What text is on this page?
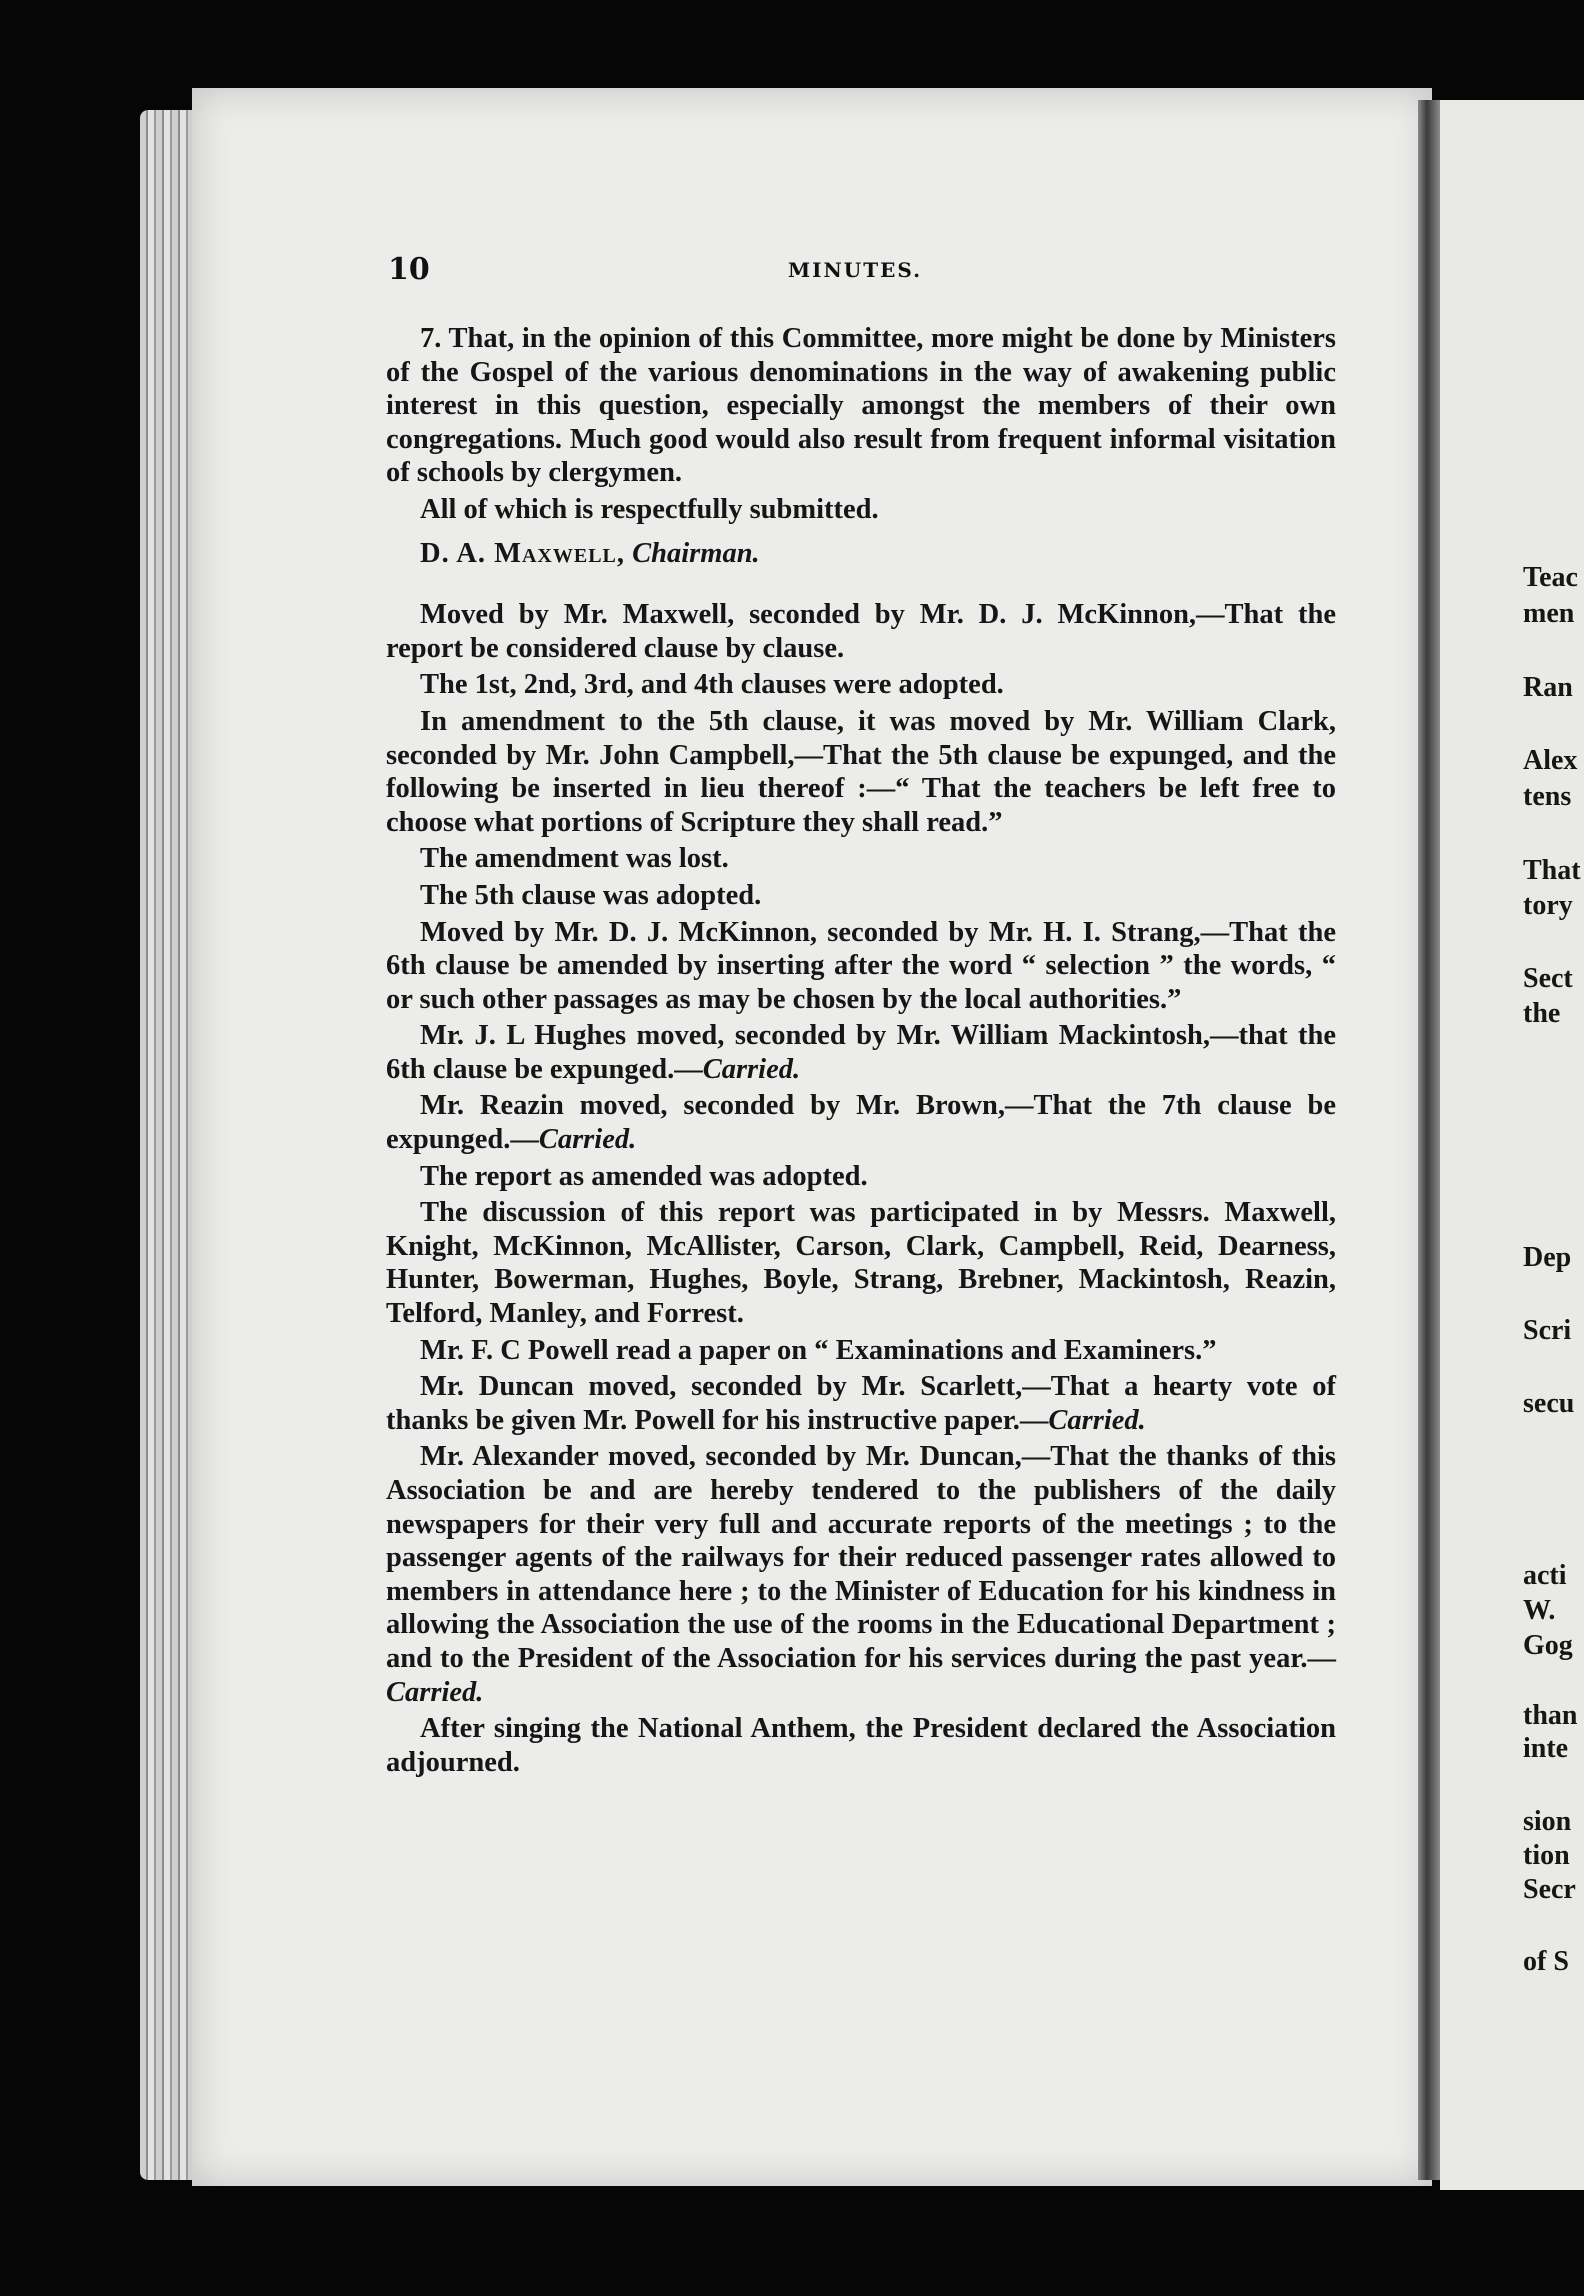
10	MINUTES.

7. That, in the opinion of this Committee, more might be done by Ministers of the Gospel of the various denominations in the way of awakening public interest in this question, especially amongst the members of their own congregations. Much good would also result from frequent informal visitation of schools by clergymen.

All of which is respectfully submitted.

D. A. Maxwell, Chairman.

Moved by Mr. Maxwell, seconded by Mr. D. J. McKinnon,—That the report be considered clause by clause.

The 1st, 2nd, 3rd, and 4th clauses were adopted.

In amendment to the 5th clause, it was moved by Mr. William Clark, seconded by Mr. John Campbell,—That the 5th clause be expunged, and the following be inserted in lieu thereof :—“ That the teachers be left free to choose what portions of Scripture they shall read.”

The amendment was lost.

The 5th clause was adopted.

Moved by Mr. D. J. McKinnon, seconded by Mr. H. I. Strang,—That the 6th clause be amended by inserting after the word “ selection ” the words, “ or such other passages as may be chosen by the local authorities.”

Mr. J. L Hughes moved, seconded by Mr. William Mackintosh,—that the 6th clause be expunged.—Carried.

Mr. Reazin moved, seconded by Mr. Brown,—That the 7th clause be expunged.—Carried.

The report as amended was adopted.

The discussion of this report was participated in by Messrs. Maxwell, Knight, McKinnon, McAllister, Carson, Clark, Campbell, Reid, Dearness, Hunter, Bowerman, Hughes, Boyle, Strang, Brebner, Mackintosh, Reazin, Telford, Manley, and Forrest.

Mr. F. C Powell read a paper on “ Examinations and Examiners.”

Mr. Duncan moved, seconded by Mr. Scarlett,—That a hearty vote of thanks be given Mr. Powell for his instructive paper.—Carried.

Mr. Alexander moved, seconded by Mr. Duncan,—That the thanks of this Association be and are hereby tendered to the publishers of the daily newspapers for their very full and accurate reports of the meetings ; to the passenger agents of the railways for their reduced passenger rates allowed to members in attendance here ; to the Minister of Education for his kindness in allowing the Association the use of the rooms in the Educational Department ; and to the President of the Association for his services during the past year.—Carried.

After singing the National Anthem, the President declared the Association adjourned.

Teac
men
Ran
Alex
tens
That
tory
Sect
the
Dep
Scri
secu
acti
W.
Gog
than
inte
sion
tion
Secr
of S
